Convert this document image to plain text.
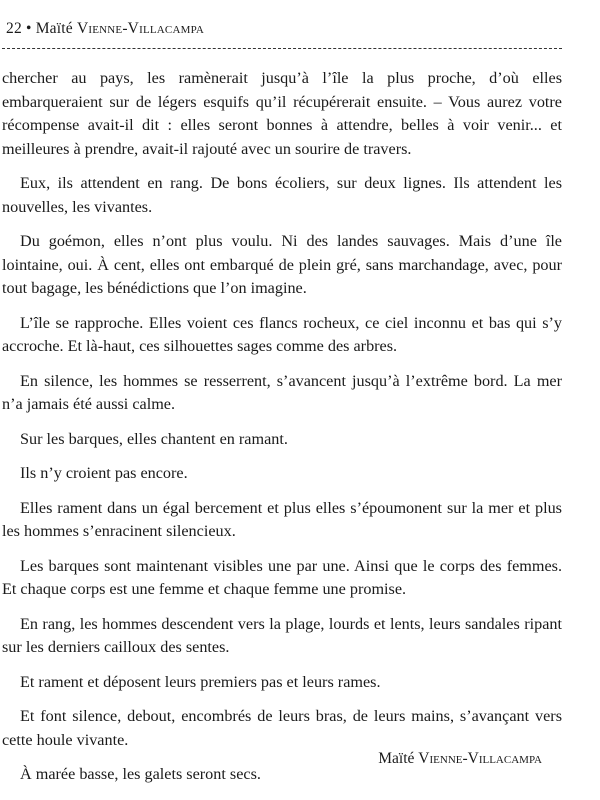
22 • Maïté Vienne-Villacampa

chercher au pays, les ramènerait jusqu’à l’île la plus proche, d’où elles embarqueraient sur de légers esquifs qu’il récupérerait ensuite. – Vous aurez votre récompense avait-il dit : elles seront bonnes à attendre, belles à voir venir... et meilleures à prendre, avait-il rajouté avec un sourire de travers.

Eux, ils attendent en rang. De bons écoliers, sur deux lignes. Ils attendent les nouvelles, les vivantes.

Du goémon, elles n’ont plus voulu. Ni des landes sauvages. Mais d’une île lointaine, oui. À cent, elles ont embarqué de plein gré, sans marchandage, avec, pour tout bagage, les bénédictions que l’on imagine.

L’île se rapproche. Elles voient ces flancs rocheux, ce ciel inconnu et bas qui s’y accroche. Et là-haut, ces silhouettes sages comme des arbres.

En silence, les hommes se resserrent, s’avancent jusqu’à l’extrême bord. La mer n’a jamais été aussi calme.

Sur les barques, elles chantent en ramant.

Ils n’y croient pas encore.

Elles rament dans un égal bercement et plus elles s’époumonent sur la mer et plus les hommes s’enracinent silencieux.

Les barques sont maintenant visibles une par une. Ainsi que le corps des femmes. Et chaque corps est une femme et chaque femme une promise.

En rang, les hommes descendent vers la plage, lourds et lents, leurs sandales ripant sur les derniers cailloux des sentes.

Et rament et déposent leurs premiers pas et leurs rames.

Et font silence, debout, encombrés de leurs bras, de leurs mains, s’avançant vers cette houle vivante.

À marée basse, les galets seront secs.

Maïté Vienne-Villacampa
